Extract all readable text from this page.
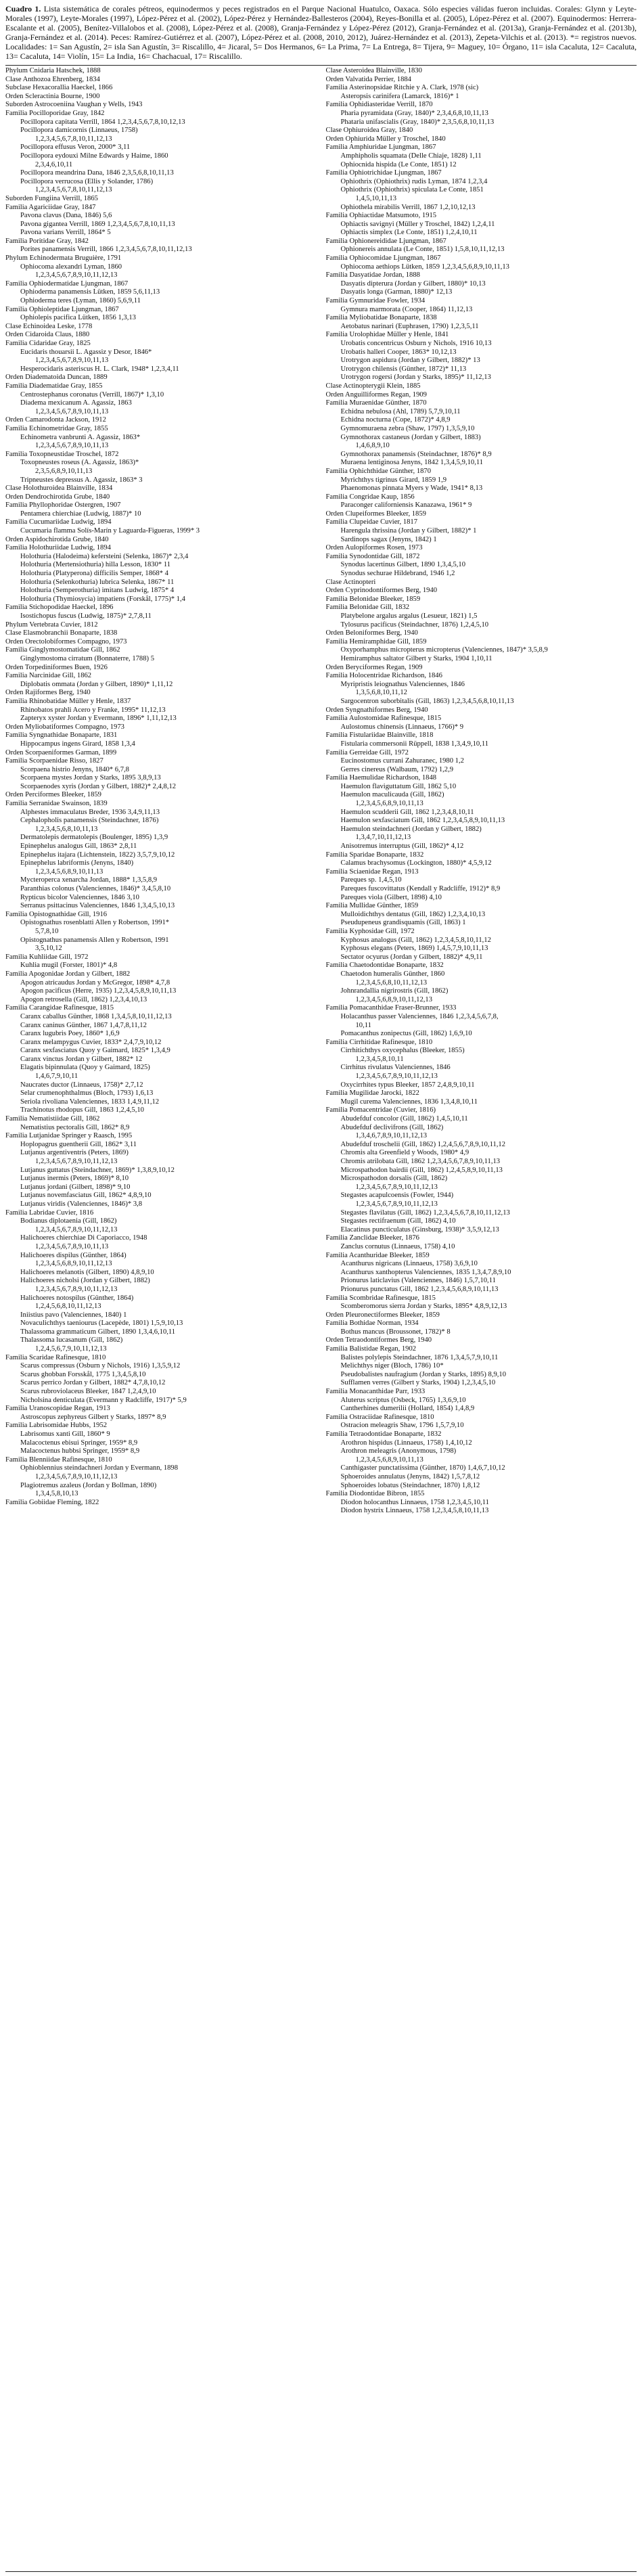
Cuadro 1. Lista sistemática de corales pétreos, equinodermos y peces registrados en el Parque Nacional Huatulco, Oaxaca. Sólo especies válidas fueron incluidas. Corales: Glynn y Leyte-Morales (1997), Leyte-Morales (1997), López-Pérez et al. (2002), López-Pérez y Hernández-Ballesteros (2004), Reyes-Bonilla et al. (2005), López-Pérez et al. (2007). Equinodermos: Herrera-Escalante et al. (2005), Benítez-Villalobos et al. (2008), López-Pérez et al. (2008), Granja-Fernández y López-Pérez (2012), Granja-Fernández et al. (2013a), Granja-Fernández et al. (2013b), Granja-Fernández et al. (2014). Peces: Ramírez-Gutiérrez et al. (2007), López-Pérez et al. (2008, 2010, 2012), Juárez-Hernández et al. (2013), Zepeta-Vilchis et al. (2013). *= registros nuevos. Localidades: 1= San Agustín, 2= isla San Agustín, 3= Riscalillo, 4= Jicaral, 5= Dos Hermanos, 6= La Prima, 7= La Entrega, 8= Tijera, 9= Maguey, 10= Órgano, 11= isla Cacaluta, 12= Cacaluta, 13= Cacaluta, 14= Violín, 15= La India, 16= Chachacual, 17= Riscalillo.

Phylum Cnidaria Hatschek, 1888
Clase Anthozoa Ehrenberg, 1834
Subclase Hexacorallia Haeckel, 1866
Orden Scleractinia Bourne, 1900
Suborden Astrocoeniina Vaughan y Wells, 1943
Familia Pocilloporidae Gray, 1842
Pocillopora capitata Verrill, 1864 1,2,3,4,5,6,7,8,10,12,13
Pocillopora damicornis (Linnaeus, 1758)
1,2,3,4,5,6,7,8,10,11,12,13
Pocillopora effusus Veron, 2000* 3,11
Pocillopora eydouxi Milne Edwards y Haime, 1860
2,3,4,6,10,11
Pocillopora meandrina Dana, 1846 2,3,5,6,8,10,11,13
Pocillopora verrucosa (Ellis y Solander, 1786)
1,2,3,4,5,6,7,8,10,11,12,13
Suborden Fungiina Verrill, 1865
Familia Agariciidae Gray, 1847
Pavona clavus (Dana, 1846) 5,6
Pavona gigantea Verrill, 1869 1,2,3,4,5,6,7,8,10,11,13
Pavona varians Verrill, 1864* 5
Familia Poritidae Gray, 1842
Porites panamensis Verrill, 1866 1,2,3,4,5,6,7,8,10,11,12,13
Phylum Echinodermata Bruguière, 1791
Ophiocoma alexandri Lyman, 1860
1,2,3,4,5,6,7,8,9,10,11,12,13
Familia Ophiodermatidae Ljungman, 1867
Ophioderma panamensis Lütken, 1859 5,6,11,13
Ophioderma teres (Lyman, 1860) 5,6,9,11
Familia Ophioleptidae Ljungman, 1867
Ophiolepis pacifica Lütken, 1856 1,3,13
Clase Echinoidea Leske, 1778
Orden Cidaroida Claus, 1880
Familia Cidaridae Gray, 1825
Eucidaris thouarsii L. Agassiz y Desor, 1846*
1,2,3,4,5,6,7,8,9,10,11,13
Hesperocidaris asteriscus H. L. Clark, 1948* 1,2,3,4,11
Orden Diadematoida Duncan, 1889
Familia Diadematidae Gray, 1855
Centrostephanus coronatus (Verrill, 1867)* 1,3,10
Diadema mexicanum A. Agassiz, 1863
1,2,3,4,5,6,7,8,9,10,11,13
Orden Camarodonta Jackson, 1912
Familia Echinometridae Gray, 1855
Echinometra vanbrunti A. Agassiz, 1863*
1,2,3,4,5,6,7,8,9,10,11,13
Familia Toxopneustidae Troschel, 1872
Toxopneustes roseus (A. Agassiz, 1863)*
2,3,5,6,8,9,10,11,13
Tripneustes depressus A. Agassiz, 1863* 3
Clase Holothuroidea Blainville, 1834
Orden Dendrochirotida Grube, 1840
Familia Phyllophoridae Östergren, 1907
Pentamera chierchiae (Ludwig, 1887)* 10
Familia Cucumariidae Ludwig, 1894
Cucumaria flamma Solís-Marín y Laguarda-Figueras, 1999* 3
Orden Aspidochirotida Grube, 1840
Familia Holothuriidae Ludwig, 1894
Holothuria (Halodeima) kefersteini (Selenka, 1867)* 2,3,4
Holothuria (Mertensiothuria) hilla Lesson, 1830* 11
Holothuria (Platyperona) difficilis Semper, 1868* 4
Holothuria (Selenkothuria) lubrica Selenka, 1867* 11
Holothuria (Semperothuria) imitans Ludwig, 1875* 4
Holothuria (Thymiosycia) impatiens (Forskål, 1775)* 1,4
Familia Stichopodidae Haeckel, 1896
Isostichopus fuscus (Ludwig, 1875)* 2,7,8,11
Phylum Vertebrata Cuvier, 1812
Clase Elasmobranchii Bonaparte, 1838
Orden Orectolobiformes Compagno, 1973
Familia Ginglymostomatidae Gill, 1862
Ginglymostoma cirratum (Bonnaterre, 1788) 5
Orden Torpediniformes Buen, 1926
Familia Narcinidae Gill, 1862
Diplobatis ommata (Jordan y Gilbert, 1890)* 1,11,12
Orden Rajiformes Berg, 1940
Familia Rhinobatidae Müller y Henle, 1837
Rhinobatos prahli Acero y Franke, 1995* 11,12,13
Zapteryx xyster Jordan y Evermann, 1896* 1,11,12,13
Orden Myliobatiformes Compagno, 1973
Familia Syngnathidae Bonaparte, 1831
Hippocampus ingens Girard, 1858 1,3,4
Orden Scorpaeniformes Garman, 1899
Familia Scorpaenidae Risso, 1827
Scorpaena histrio Jenyns, 1840* 6,7,8
Scorpaena mystes Jordan y Starks, 1895 3,8,9,13
Scorpaenodes xyris (Jordan y Gilbert, 1882)* 2,4,8,12
Orden Perciformes Bleeker, 1859
Familia Serranidae Swainson, 1839
Alphestes immaculatus Breder, 1936 3,4,9,11,13
Cephalopholis panamensis (Steindachner, 1876)
1,2,3,4,5,6,8,10,11,13
Dermatolepis dermatolepis (Boulenger, 1895) 1,3,9
Epinephelus analogus Gill, 1863* 2,8,11
Epinephelus itajara (Lichtenstein, 1822) 3,5,7,9,10,12
Epinephelus labriformis (Jenyns, 1840)
1,2,3,4,5,6,8,9,10,11,13
Mycteroperca xenarcha Jordan, 1888* 1,3,5,8,9
Paranthias colonus (Valenciennes, 1846)* 3,4,5,8,10
Rypticus bicolor Valenciennes, 1846 3,10
Serranus psittacinus Valenciennes, 1846 1,3,4,5,10,13
Familia Opistognathidae Gill, 1916
Opistognathus rosenblatti Allen y Robertson, 1991*
5,7,8,10
Opistognathus panamensis Allen y Robertson, 1991
3,5,10,12
Familia Kuhliidae Gill, 1972
Kuhlia mugil (Forster, 1801)* 4,8
Familia Apogonidae Jordan y Gilbert, 1882
Apogon atricaudus Jordan y McGregor, 1898* 4,7,8
Apogon pacificus (Herre, 1935) 1,2,3,4,5,8,9,10,11,13
Apogon retrosella (Gill, 1862) 1,2,3,4,10,13
Familia Carangidae Rafinesque, 1815
Caranx caballus Günther, 1868 1,3,4,5,8,10,11,12,13
Caranx caninus Günther, 1867 1,4,7,8,11,12
Caranx lugubris Poey, 1860* 1,6,9
Caranx melampygus Cuvier, 1833* 2,4,7,9,10,12
Caranx sexfasciatus Quoy y Gaimard, 1825* 1,3,4,9
Caranx vinctus Jordan y Gilbert, 1882* 12
Elagatis bipinnulata (Quoy y Gaimard, 1825)
1,4,6,7,9,10,11
Naucrates ductor (Linnaeus, 1758)* 2,7,12
Selar crumenophthalmus (Bloch, 1793) 1,6,13
Seriola rivoliana Valenciennes, 1833 1,4,9,11,12
Trachinotus rhodopus Gill, 1863 1,2,4,5,10
Familia Nematistiidae Gill, 1862
Nematistius pectoralis Gill, 1862* 8,9
Familia Lutjanidae Springer y Raasch, 1995
Hoplopagrus guentherii Gill, 1862* 3,11
Lutjanus argentiventris (Peters, 1869)
1,2,3,4,5,6,7,8,9,10,11,12,13
Lutjanus guttatus (Steindachner, 1869)* 1,3,8,9,10,12
Lutjanus inermis (Peters, 1869)* 8,10
Lutjanus jordani (Gilbert, 1898)* 9,10
Lutjanus novemfasciatus Gill, 1862* 4,8,9,10
Lutjanus viridis (Valenciennes, 1846)* 3,8
Familia Labridae Cuvier, 1816
Bodianus diplotaenia (Gill, 1862)
1,2,3,4,5,6,7,8,9,10,11,12,13
Halichoeres chierchiae Di Caporiacco, 1948
1,2,3,4,5,6,7,8,9,10,11,13
Halichoeres dispilus (Günther, 1864)
1,2,3,4,5,6,8,9,10,11,12,13
Halichoeres melanotis (Gilbert, 1890) 4,8,9,10
Halichoeres nicholsi (Jordan y Gilbert, 1882)
1,2,3,4,5,6,7,8,9,10,11,12,13
Halichoeres notospilus (Günther, 1864)
1,2,4,5,6,8,10,11,12,13
Iniistius pavo (Valenciennes, 1840) 1
Novaculichthys taeniourus (Lacepède, 1801) 1,5,9,10,13
Thalassoma grammaticum Gilbert, 1890 1,3,4,6,10,11
Thalassoma lucasanum (Gill, 1862)
1,2,4,5,6,7,9,10,11,12,13
Familia Scaridae Rafinesque, 1810
Scarus compressus (Osburn y Nichols, 1916) 1,3,5,9,12
Scarus ghobban Forsskål, 1775 1,3,4,5,8,10
Scarus perrico Jordan y Gilbert, 1882* 4,7,8,10,12
Scarus rubroviolaceus Bleeker, 1847 1,2,4,9,10
Nicholsina denticulata (Evermann y Radcliffe, 1917)* 5,9
Familia Uranoscopidae Regan, 1913
Astroscopus zephyreus Gilbert y Starks, 1897* 8,9
Familia Labrisomidae Hubbs, 1952
Labrisomus xanti Gill, 1860* 9
Malacoctenus ebisui Springer, 1959* 8,9
Malacoctenus hubbsi Springer, 1959* 8,9
Familia Blenniidae Rafinesque, 1810
Ophioblennius steindachneri Jordan y Evermann, 1898
1,2,3,4,5,6,7,8,9,10,11,12,13
Plagiotremus azaleus (Jordan y Bollman, 1890)
1,3,4,5,8,10,13
Familia Gobiidae Fleming, 1822
Clase Asteroidea Blainville, 1830
Orden Valvatida Perrier, 1884
Familia Asterinopsidae Ritchie y A. Clark, 1978 (sic)
Asteropsis carinifera (Lamarck, 1816)* 1
Familia Ophidiasteridae Verrill, 1870
Pharia pyramidata (Gray, 1840)* 2,3,4,6,8,10,11,13
Phataria unifascialis (Gray, 1840)* 2,3,5,6,8,10,11,13
Clase Ophiuroidea Gray, 1840
Orden Ophiurida Müller y Troschel, 1840
Familia Amphiuridae Ljungman, 1867
Amphipholis squamata (Delle Chiaje, 1828) 1,11
Ophiocnida hispida (Le Conte, 1851) 12
Familia Ophiotrichidae Ljungman, 1867
Ophiothrix (Ophiothrix) rudis Lyman, 1874 1,2,3,4
Ophiothrix (Ophiothrix) spiculata Le Conte, 1851
1,4,5,10,11,13
Ophiothela mirabilis Verrill, 1867 1,2,10,12,13
Familia Ophiactidae Matsumoto, 1915
Ophiactis savignyi (Müller y Troschel, 1842) 1,2,4,11
Ophiactis simplex (Le Conte, 1851) 1,2,4,10,11
Familia Ophionereididae Ljungman, 1867
Ophionereis annulata (Le Conte, 1851) 1,5,8,10,11,12,13
Familia Ophiocomidae Ljungman, 1867
Ophiocoma aethiops Lütken, 1859 1,2,3,4,5,6,8,9,10,11,13
Familia Dasyatidae Jordan, 1888
Dasyatis dipterura (Jordan y Gilbert, 1880)* 10,13
Dasyatis longa (Garman, 1880)* 12,13
Familia Gymnuridae Fowler, 1934
Gymnura marmorata (Cooper, 1864) 11,12,13
Familia Myliobatidae Bonaparte, 1838
Aetobatus narinari (Euphrasen, 1790) 1,2,3,5,11
Familia Urolophidae Müller y Henle, 1841
Urobatis concentricus Osburn y Nichols, 1916 10,13
Urobatis halleri Cooper, 1863* 10,12,13
Urotrygon aspidura (Jordan y Gilbert, 1882)* 13
Urotrygon chilensis (Günther, 1872)* 11,13
Urotrygon rogersi (Jordan y Starks, 1895)* 11,12,13
Clase Actinopterygii Klein, 1885
Orden Anguilliformes Regan, 1909
Familia Muraenidae Günther, 1870
Echidna nebulosa (Ahl, 1789) 5,7,9,10,11
Echidna nocturna (Cope, 1872)* 4,8,9
Gymnomuraena zebra (Shaw, 1797) 1,3,5,9,10
Gymnothorax castaneus (Jordan y Gilbert, 1883)
1,4,6,8,9,10
Gymnothorax panamensis (Steindachner, 1876)* 8,9
Muraena lentiginosa Jenyns, 1842 1,3,4,5,9,10,11
Familia Ophichthidae Günther, 1870
Myrichthys tigrinus Girard, 1859 1,9
Phaenomonas pinnata Myers y Wade, 1941* 8,13
Familia Congridae Kaup, 1856
Paraconger californiensis Kanazawa, 1961* 9
Orden Clupeiformes Bleeker, 1859
Familia Clupeidae Cuvier, 1817
Harengula thrissina (Jordan y Gilbert, 1882)* 1
Sardinops sagax (Jenyns, 1842) 1
Orden Aulopiformes Rosen, 1973
Familia Synodontidae Gill, 1872
Synodus lacertinus Gilbert, 1890 1,3,4,5,10
Synodus sechurae Hildebrand, 1946 1,2
Clase Actinopteri
Orden Cyprinodontiformes Berg, 1940
Familia Belonidae Bleeker, 1859
Familia Belonidae Gill, 1832
Platybelone argalus argalus (Lesueur, 1821) 1,5
Tylosurus pacificus (Steindachner, 1876) 1,2,4,5,10
Orden Beloniformes Berg, 1940
Familia Hemiramphidae Gill, 1859
Oxyporhamphus micropterus micropterus (Valenciennes, 1847)* 3,5,8,9
Hemiramphus saltator Gilbert y Starks, 1904 1,10,11
Orden Beryciformes Regan, 1909
Familia Holocentridae Richardson, 1846
Myripristis leiognathus Valenciennes, 1846
1,3,5,6,8,10,11,12
Sargocentron suborbitalis (Gill, 1863) 1,2,3,4,5,6,8,10,11,13
Orden Syngnathiformes Berg, 1940
Familia Aulostomidae Rafinesque, 1815
Aulostomus chinensis (Linnaeus, 1766)* 9
Familia Fistulariidae Blainville, 1818
Fistularia commersonii Rüppell, 1838 1,3,4,9,10,11
Familia Gerreidae Gill, 1972
Eucinostomus currani Zahuranec, 1980 1,2
Gerres cinereus (Walbaum, 1792) 1,2,9
Familia Haemulidae Richardson, 1848
Haemulon flaviguttatum Gill, 1862 5,10
Haemulon maculicauda (Gill, 1862)
1,2,3,4,5,6,8,9,10,11,13
Haemulon scudderii Gill, 1862 1,2,3,4,8,10,11
Haemulon sexfasciatum Gill, 1862 1,2,3,4,5,8,9,10,11,13
Haemulon steindachneri (Jordan y Gilbert, 1882)
1,3,4,7,10,11,12,13
Anisotremus interruptus (Gill, 1862)* 4,12
Familia Sparidae Bonaparte, 1832
Calamus brachysomus (Lockington, 1880)* 4,5,9,12
Familia Sciaenidae Regan, 1913
Pareques sp. 1,4,5,10
Pareques fuscovittatus (Kendall y Radcliffe, 1912)* 8,9
Pareques viola (Gilbert, 1898) 4,10
Familia Mullidae Günther, 1859
Mulloidichthys dentatus (Gill, 1862) 1,2,3,4,10,13
Pseudupeneus grandisquamis (Gill, 1863) 1
Familia Kyphosidae Gill, 1972
Kyphosus analogus (Gill, 1862) 1,2,3,4,5,8,10,11,12
Kyphosus elegans (Peters, 1869) 1,4,5,7,9,10,11,13
Sectator ocyurus (Jordan y Gilbert, 1882)* 4,9,11
Familia Chaetodontidae Bonaparte, 1832
Chaetodon humeralis Günther, 1860
1,2,3,4,5,6,8,10,11,12,13
Johnrandallia nigrirostris (Gill, 1862)
1,2,3,4,5,6,8,9,10,11,12,13
Familia Pomacanthidae Fraser-Brunner, 1933
Holacanthus passer Valenciennes, 1846 1,2,3,4,5,6,7,8,
10,11
Pomacanthus zonipectus (Gill, 1862) 1,6,9,10
Familia Cirrhitidae Rafinesque, 1810
Cirrhitichthys oxycephalus (Bleeker, 1855)
1,2,3,4,5,8,10,11
Cirrhitus rivulatus Valenciennes, 1846
1,2,3,4,5,6,7,8,9,10,11,12,13
Oxycirrhites typus Bleeker, 1857 2,4,8,9,10,11
Familia Mugilidae Jarocki, 1822
Mugil curema Valenciennes, 1836 1,3,4,8,10,11
Familia Pomacentridae (Cuvier, 1816)
Abudefduf concolor (Gill, 1862) 1,4,5,10,11
Abudefduf declivifrons (Gill, 1862)
1,3,4,6,7,8,9,10,11,12,13
Abudefduf troschelii (Gill, 1862) 1,2,4,5,6,7,8,9,10,11,12
Chromis alta Greenfield y Woods, 1980* 4,9
Chromis atrilobata Gill, 1862 1,2,3,4,5,6,7,8,9,10,11,13
Microspathodon bairdii (Gill, 1862) 1,2,4,5,8,9,10,11,13
Microspathodon dorsalis (Gill, 1862)
1,2,3,4,5,6,7,8,9,10,11,12,13
Stegastes acapulcoensis (Fowler, 1944)
1,2,3,4,5,6,7,8,9,10,11,12,13
Stegastes flavilatus (Gill, 1862) 1,2,3,4,5,6,7,8,10,11,12,13
Stegastes rectifraenum (Gill, 1862) 4,10
Elacatinus puncticulatus (Ginsburg, 1938)* 3,5,9,12,13
Familia Zanclidae Bleeker, 1876
Zanclus cornutus (Linnaeus, 1758) 4,10
Familia Acanthuridae Bleeker, 1859
Acanthurus nigricans (Linnaeus, 1758) 3,6,9,10
Acanthurus xanthopterus Valenciennes, 1835 1,3,4,7,8,9,10
Prionurus laticlavius (Valenciennes, 1846) 1,5,7,10,11
Prionurus punctatus Gill, 1862 1,2,3,4,5,6,8,9,10,11,13
Familia Scombridae Rafinesque, 1815
Scomberomorus sierra Jordan y Starks, 1895* 4,8,9,12,13
Orden Pleuronectiformes Bleeker, 1859
Familia Bothidae Norman, 1934
Bothus mancus (Broussonet, 1782)* 8
Orden Tetraodontiformes Berg, 1940
Familia Balistidae Regan, 1902
Balistes polylepis Steindachner, 1876 1,3,4,5,7,9,10,11
Melichthys niger (Bloch, 1786) 10*
Pseudobalistes naufragium (Jordan y Starks, 1895) 8,9,10
Sufflamen verres (Gilbert y Starks, 1904) 1,2,3,4,5,10
Familia Monacanthidae Parr, 1933
Aluterus scriptus (Osbeck, 1765) 1,3,6,9,10
Cantherhines dumerilii (Hollard, 1854) 1,4,8,9
Familia Ostraciidae Rafinesque, 1810
Ostracion meleagris Shaw, 1796 1,5,7,9,10
Familia Tetraodontidae Bonaparte, 1832
Arothron hispidus (Linnaeus, 1758) 1,4,10,12
Arothron meleagris (Anonymous, 1798)
1,2,3,4,5,6,8,9,10,11,13
Canthigaster punctatissima (Günther, 1870) 1,4,6,7,10,12
Sphoeroides annulatus (Jenyns, 1842) 1,5,7,8,12
Sphoeroides lobatus (Steindachner, 1870) 1,8,12
Familia Diodontidae Bibron, 1855
Diodon holocanthus Linnaeus, 1758 1,2,3,4,5,10,11
Diodon hystrix Linnaeus, 1758 1,2,3,4,5,8,10,11,13
